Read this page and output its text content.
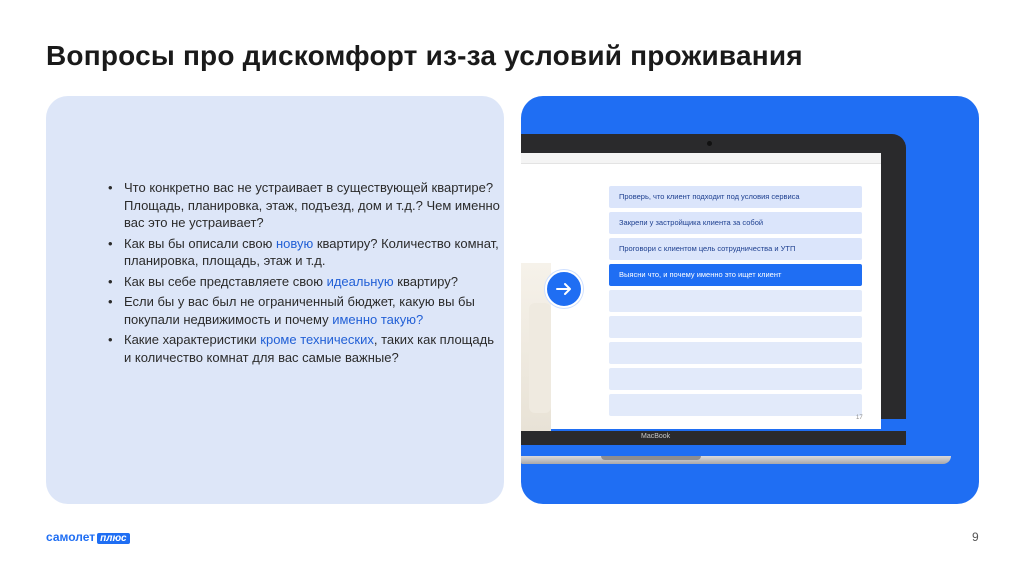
Вопросы про дискомфорт из-за условий проживания
• Что конкретно вас не устраивает в существующей квартире? Площадь, планировка, этаж, подъезд, дом и т.д.? Чем именно вас это не устраивает?
• Как вы бы описали свою новую квартиру? Количество комнат, планировка, площадь, этаж и т.д.
• Как вы себе представляете свою идеальную квартиру?
• Если бы у вас был не ограниченный бюджет, какую вы бы покупали недвижимость и почему именно такую?
• Какие характеристики кроме технических, таких как площадь и количество комнат для вас самые важные?
Проверь, что клиент подходит под условия сервиса
Закрепи у застройщика клиента за собой
Проговори с клиентом цель сотрудничества и УТП
Выясни что, и почему именно это ищет клиент
17
MacBook
самолет плюс	9
